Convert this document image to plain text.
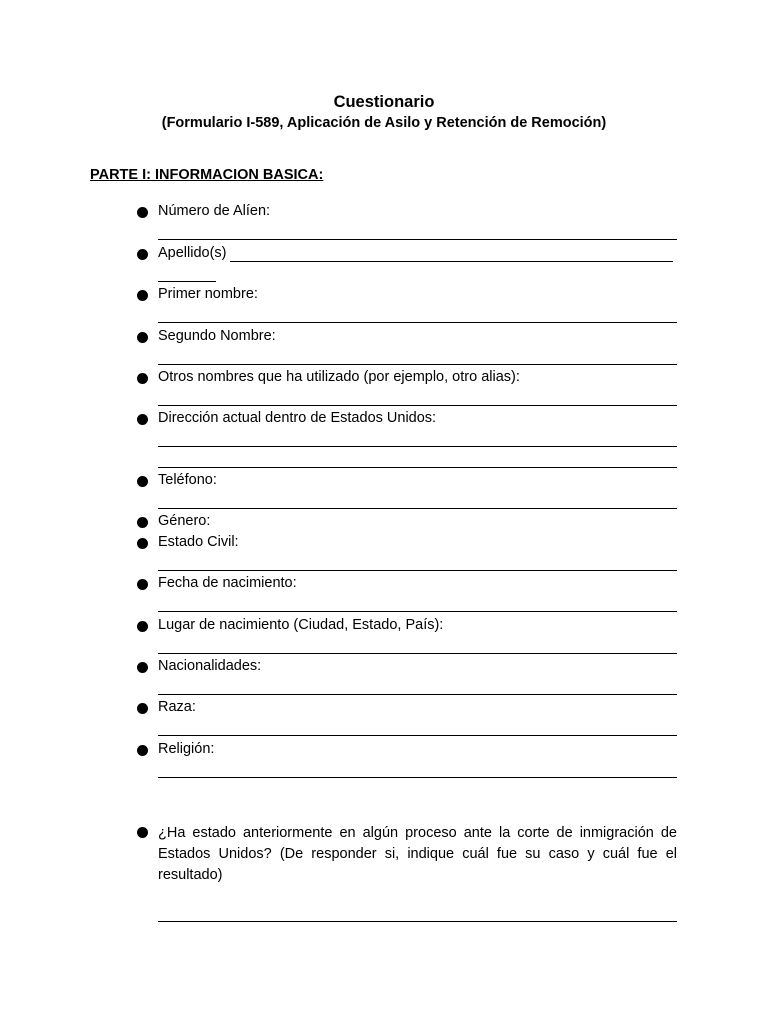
Cuestionario
(Formulario I-589, Aplicación de Asilo y Retención de Remoción)
PARTE I: INFORMACION BASICA:
Número de Alíen:
Apellido(s)
Primer nombre:
Segundo Nombre:
Otros nombres que ha utilizado (por ejemplo, otro alias):
Dirección actual dentro de Estados Unidos:
Teléfono:
Género:
Estado Civil:
Fecha de nacimiento:
Lugar de nacimiento (Ciudad, Estado, País):
Nacionalidades:
Raza:
Religión:
¿Ha estado anteriormente en algún proceso ante la corte de inmigración de Estados Unidos? (De responder si, indique cuál fue su caso y cuál fue el resultado)
